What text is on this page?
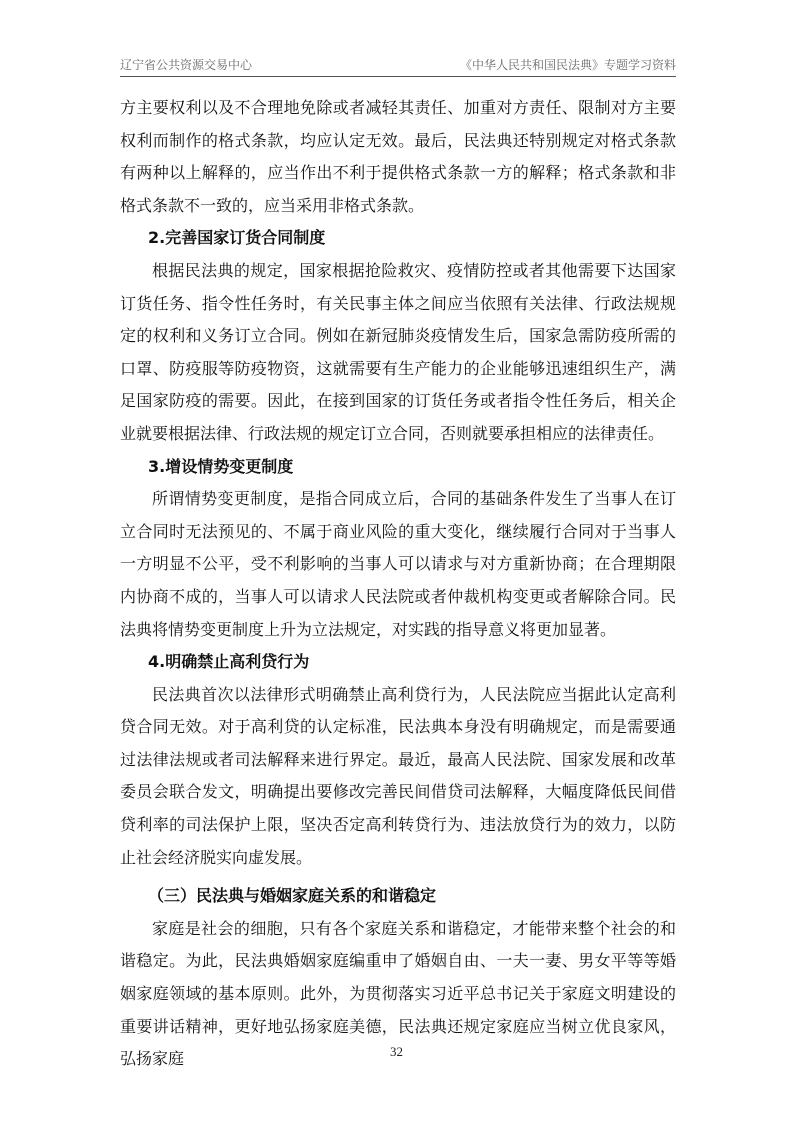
辽宁省公共资源交易中心	《中华人民共和国民法典》专题学习资料

方主要权利以及不合理地免除或者减轻其责任、加重对方责任、限制对方主要权利而制作的格式条款，均应认定无效。最后，民法典还特别规定对格式条款有两种以上解释的，应当作出不利于提供格式条款一方的解释；格式条款和非格式条款不一致的，应当采用非格式条款。

2.完善国家订货合同制度

根据民法典的规定，国家根据抢险救灾、疫情防控或者其他需要下达国家订货任务、指令性任务时，有关民事主体之间应当依照有关法律、行政法规规定的权利和义务订立合同。例如在新冠肺炎疫情发生后，国家急需防疫所需的口罩、防疫服等防疫物资，这就需要有生产能力的企业能够迅速组织生产，满足国家防疫的需要。因此，在接到国家的订货任务或者指令性任务后，相关企业就要根据法律、行政法规的规定订立合同，否则就要承担相应的法律责任。

3.增设情势变更制度

所谓情势变更制度，是指合同成立后，合同的基础条件发生了当事人在订立合同时无法预见的、不属于商业风险的重大变化，继续履行合同对于当事人一方明显不公平，受不利影响的当事人可以请求与对方重新协商；在合理期限内协商不成的，当事人可以请求人民法院或者仲裁机构变更或者解除合同。民法典将情势变更制度上升为立法规定，对实践的指导意义将更加显著。

4.明确禁止高利贷行为

民法典首次以法律形式明确禁止高利贷行为，人民法院应当据此认定高利贷合同无效。对于高利贷的认定标准，民法典本身没有明确规定，而是需要通过法律法规或者司法解释来进行界定。最近，最高人民法院、国家发展和改革委员会联合发文，明确提出要修改完善民间借贷司法解释，大幅度降低民间借贷利率的司法保护上限，坚决否定高利转贷行为、违法放贷行为的效力，以防止社会经济脱实向虚发展。

（三）民法典与婚姻家庭关系的和谐稳定

家庭是社会的细胞，只有各个家庭关系和谐稳定，才能带来整个社会的和谐稳定。为此，民法典婚姻家庭编重申了婚姻自由、一夫一妻、男女平等等婚姻家庭领域的基本原则。此外，为贯彻落实习近平总书记关于家庭文明建设的重要讲话精神，更好地弘扬家庭美德，民法典还规定家庭应当树立优良家风，弘扬家庭	32
